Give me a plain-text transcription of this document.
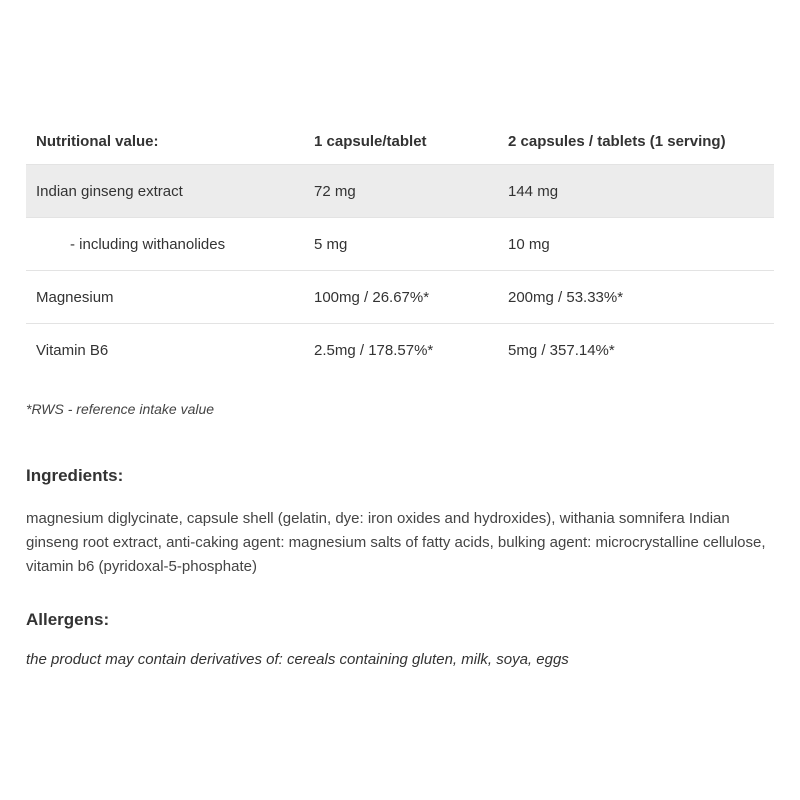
Nutritional value:	1 capsule/tablet	2 capsules / tablets (1 serving)
Indian ginseng extract	72 mg	144 mg
- including withanolides	5 mg	10 mg
Magnesium	100mg / 26.67%*	200mg / 53.33%*
Vitamin B6	2.5mg / 178.57%*	5mg / 357.14%*

*RWS - reference intake value

Ingredients:

magnesium diglycinate, capsule shell (gelatin, dye: iron oxides and hydroxides), withania somnifera Indian ginseng root extract, anti-caking agent: magnesium salts of fatty acids, bulking agent: microcrystalline cellulose, vitamin b6 (pyridoxal-5-phosphate)

Allergens:

the product may contain derivatives of: cereals containing gluten, milk, soya, eggs
